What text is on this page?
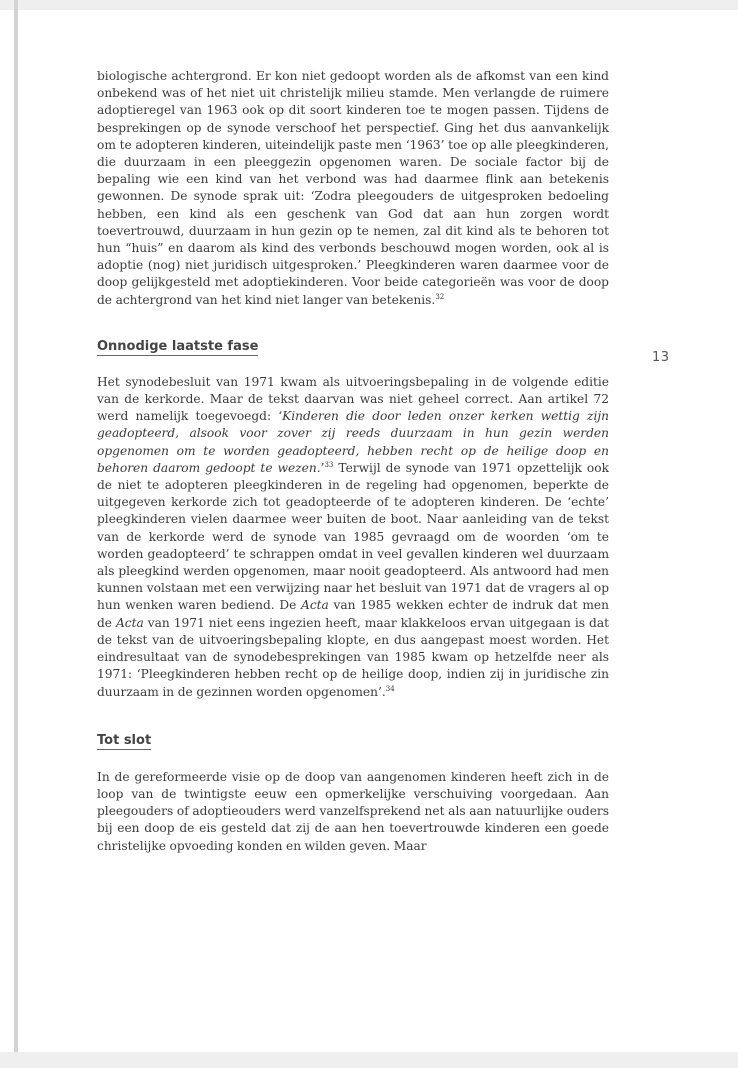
13

biologische achtergrond. Er kon niet gedoopt worden als de afkomst van een kind onbekend was of het niet uit christelijk milieu stamde. Men verlangde de ruimere adoptieregel van 1963 ook op dit soort kinderen toe te mogen passen. Tijdens de besprekingen op de synode verschoof het perspectief. Ging het dus aanvankelijk om te adopteren kinderen, uiteindelijk paste men ‘1963’ toe op alle pleegkinderen, die duurzaam in een pleeggezin opgenomen waren. De sociale factor bij de bepaling wie een kind van het verbond was had daarmee flink aan betekenis gewonnen. De synode sprak uit: ‘Zodra pleegouders de uitgesproken bedoeling hebben, een kind als een geschenk van God dat aan hun zorgen wordt toevertrouwd, duurzaam in hun gezin op te nemen, zal dit kind als te behoren tot hun “huis” en daarom als kind des verbonds beschouwd mogen worden, ook al is adoptie (nog) niet juridisch uitgesproken.’ Pleegkinderen waren daarmee voor de doop gelijkgesteld met adoptiekinderen. Voor beide categorieën was voor de doop de achtergrond van het kind niet langer van betekenis.$^{32}$

Onnodige laatste fase

Het synodebesluit van 1971 kwam als uitvoeringsbepaling in de volgende editie van de kerkorde. Maar de tekst daarvan was niet geheel correct. Aan artikel 72 werd namelijk toegevoegd: ‘Kinderen die door leden onzer kerken wettig zijn geadopteerd, alsook voor zover zij reeds duurzaam in hun gezin werden opgenomen om te worden geadopteerd, hebben recht op de heilige doop en behoren daarom gedoopt te wezen.’$^{33}$ Terwijl de synode van 1971 opzettelijk ook de niet te adopteren pleegkinderen in de regeling had opgenomen, beperkte de uitgegeven kerkorde zich tot geadopteerde of te adopteren kinderen. De ‘echte’ pleegkinderen vielen daarmee weer buiten de boot. Naar aanleiding van de tekst van de kerkorde werd de synode van 1985 gevraagd om de woorden ‘om te worden geadopteerd’ te schrappen omdat in veel gevallen kinderen wel duurzaam als pleegkind werden opgenomen, maar nooit geadopteerd. Als antwoord had men kunnen volstaan met een verwijzing naar het besluit van 1971 dat de vragers al op hun wenken waren bediend. De Acta van 1985 wekken echter de indruk dat men de Acta van 1971 niet eens ingezien heeft, maar klakkeloos ervan uitgegaan is dat de tekst van de uitvoeringsbepaling klopte, en dus aangepast moest worden. Het eindresultaat van de synodebesprekingen van 1985 kwam op hetzelfde neer als 1971: ‘Pleegkinderen hebben recht op de heilige doop, indien zij in juridische zin duurzaam in de gezinnen worden opgenomen’.$^{34}$

Tot slot

In de gereformeerde visie op de doop van aangenomen kinderen heeft zich in de loop van de twintigste eeuw een opmerkelijke verschuiving voorgedaan. Aan pleegouders of adoptieouders werd vanzelfsprekend net als aan natuurlijke ouders bij een doop de eis gesteld dat zij de aan hen toevertrouwde kinderen een goede christelijke opvoeding konden en wilden geven. Maar
